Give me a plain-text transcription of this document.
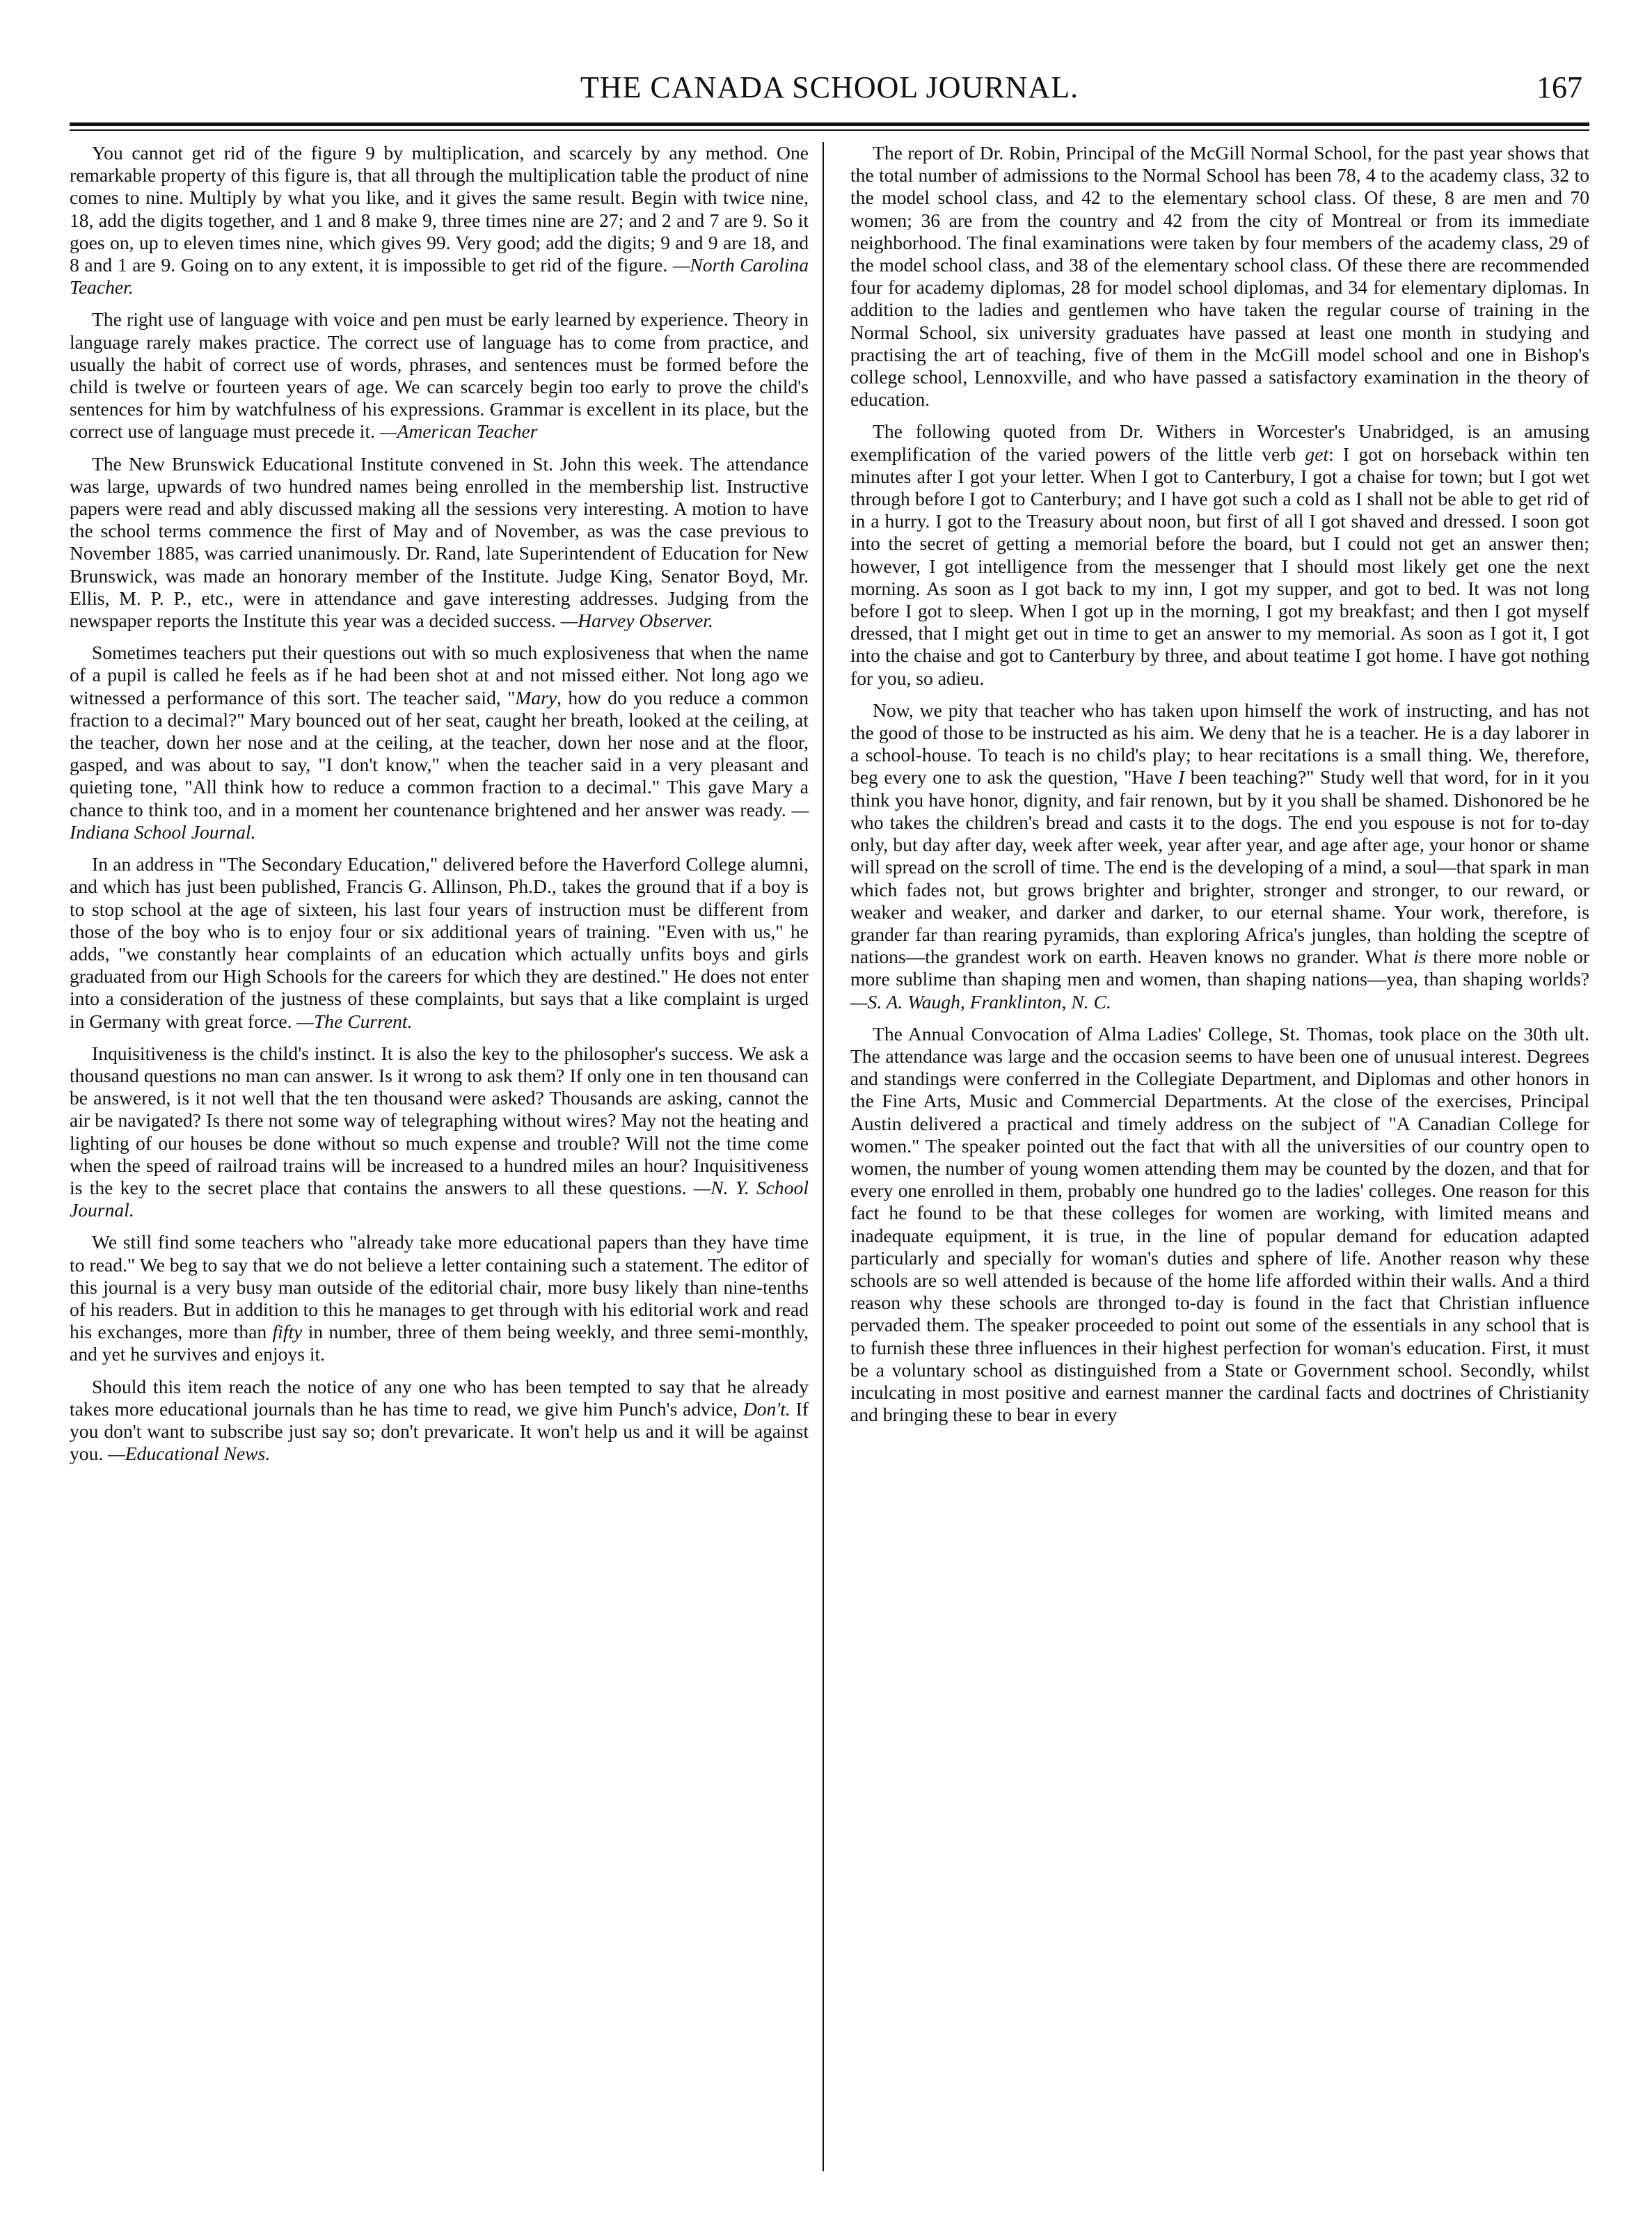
THE CANADA SCHOOL JOURNAL.	167

You cannot get rid of the figure 9 by multiplication, and scarcely by any method. One remarkable property of this figure is, that all through the multiplication table the product of nine comes to nine. Multiply by what you like, and it gives the same result. Begin with twice nine, 18, add the digits together, and 1 and 8 make 9, three times nine are 27; and 2 and 7 are 9. So it goes on, up to eleven times nine, which gives 99. Very good; add the digits; 9 and 9 are 18, and 8 and 1 are 9. Going on to any extent, it is impossible to get rid of the figure. —North Carolina Teacher.

The right use of language with voice and pen must be early learned by experience. Theory in language rarely makes practice. The correct use of language has to come from practice, and usually the habit of correct use of words, phrases, and sentences must be formed before the child is twelve or fourteen years of age. We can scarcely begin too early to prove the child's sentences for him by watchfulness of his expressions. Grammar is excellent in its place, but the correct use of language must precede it. —American Teacher

The New Brunswick Educational Institute convened in St. John this week. The attendance was large, upwards of two hundred names being enrolled in the membership list. Instructive papers were read and ably discussed making all the sessions very interesting. A motion to have the school terms commence the first of May and of November, as was the case previous to November 1885, was carried unanimously. Dr. Rand, late Superintendent of Education for New Brunswick, was made an honorary member of the Institute. Judge King, Senator Boyd, Mr. Ellis, M. P. P., etc., were in attendance and gave interesting addresses. Judging from the newspaper reports the Institute this year was a decided success. —Harvey Observer.

Sometimes teachers put their questions out with so much explosiveness that when the name of a pupil is called he feels as if he had been shot at and not missed either. Not long ago we witnessed a performance of this sort. The teacher said, "Mary, how do you reduce a common fraction to a decimal?" Mary bounced out of her seat, caught her breath, looked at the ceiling, at the teacher, down her nose and at the ceiling, at the teacher, down her nose and at the floor, gasped, and was about to say, "I don't know," when the teacher said in a very pleasant and quieting tone, "All think how to reduce a common fraction to a decimal." This gave Mary a chance to think too, and in a moment her countenance brightened and her answer was ready. —Indiana School Journal.

In an address in "The Secondary Education," delivered before the Haverford College alumni, and which has just been published, Francis G. Allinson, Ph.D., takes the ground that if a boy is to stop school at the age of sixteen, his last four years of instruction must be different from those of the boy who is to enjoy four or six additional years of training. "Even with us," he adds, "we constantly hear complaints of an education which actually unfits boys and girls graduated from our High Schools for the careers for which they are destined." He does not enter into a consideration of the justness of these complaints, but says that a like complaint is urged in Germany with great force. —The Current.

Inquisitiveness is the child's instinct. It is also the key to the philosopher's success. We ask a thousand questions no man can answer. Is it wrong to ask them? If only one in ten thousand can be answered, is it not well that the ten thousand were asked? Thousands are asking, cannot the air be navigated? Is there not some way of telegraphing without wires? May not the heating and lighting of our houses be done without so much expense and trouble? Will not the time come when the speed of railroad trains will be increased to a hundred miles an hour? Inquisitiveness is the key to the secret place that contains the answers to all these questions. —N. Y. School Journal.

We still find some teachers who "already take more educational papers than they have time to read." We beg to say that we do not believe a letter containing such a statement. The editor of this journal is a very busy man outside of the editorial chair, more busy likely than nine-tenths of his readers. But in addition to this he manages to get through with his editorial work and read his exchanges, more than fifty in number, three of them being weekly, and three semi-monthly, and yet he survives and enjoys it.

Should this item reach the notice of any one who has been tempted to say that he already takes more educational journals than he has time to read, we give him Punch's advice, Don't. If you don't want to subscribe just say so; don't prevaricate. It won't help us and it will be against you. —Educational News.

The report of Dr. Robin, Principal of the McGill Normal School, for the past year shows that the total number of admissions to the Normal School has been 78, 4 to the academy class, 32 to the model school class, and 42 to the elementary school class. Of these, 8 are men and 70 women; 36 are from the country and 42 from the city of Montreal or from its immediate neighborhood. The final examinations were taken by four members of the academy class, 29 of the model school class, and 38 of the elementary school class. Of these there are recommended four for academy diplomas, 28 for model school diplomas, and 34 for elementary diplomas. In addition to the ladies and gentlemen who have taken the regular course of training in the Normal School, six university graduates have passed at least one month in studying and practising the art of teaching, five of them in the McGill model school and one in Bishop's college school, Lennoxville, and who have passed a satisfactory examination in the theory of education.

The following quoted from Dr. Withers in Worcester's Unabridged, is an amusing exemplification of the varied powers of the little verb get: I got on horseback within ten minutes after I got your letter. When I got to Canterbury, I got a chaise for town; but I got wet through before I got to Canterbury; and I have got such a cold as I shall not be able to get rid of in a hurry. I got to the Treasury about noon, but first of all I got shaved and dressed. I soon got into the secret of getting a memorial before the board, but I could not get an answer then; however, I got intelligence from the messenger that I should most likely get one the next morning. As soon as I got back to my inn, I got my supper, and got to bed. It was not long before I got to sleep. When I got up in the morning, I got my breakfast; and then I got myself dressed, that I might get out in time to get an answer to my memorial. As soon as I got it, I got into the chaise and got to Canterbury by three, and about teatime I got home. I have got nothing for you, so adieu.

Now, we pity that teacher who has taken upon himself the work of instructing, and has not the good of those to be instructed as his aim. We deny that he is a teacher. He is a day laborer in a school-house. To teach is no child's play; to hear recitations is a small thing. We, therefore, beg every one to ask the question, "Have I been teaching?" Study well that word, for in it you think you have honor, dignity, and fair renown, but by it you shall be shamed. Dishonored be he who takes the children's bread and casts it to the dogs. The end you espouse is not for to-day only, but day after day, week after week, year after year, and age after age, your honor or shame will spread on the scroll of time. The end is the developing of a mind, a soul—that spark in man which fades not, but grows brighter and brighter, stronger and stronger, to our reward, or weaker and weaker, and darker and darker, to our eternal shame. Your work, therefore, is grander far than rearing pyramids, than exploring Africa's jungles, than holding the sceptre of nations—the grandest work on earth. Heaven knows no grander. What is there more noble or more sublime than shaping men and women, than shaping nations—yea, than shaping worlds?—S. A. Waugh, Franklinton, N. C.

The Annual Convocation of Alma Ladies' College, St. Thomas, took place on the 30th ult. The attendance was large and the occasion seems to have been one of unusual interest. Degrees and standings were conferred in the Collegiate Department, and Diplomas and other honors in the Fine Arts, Music and Commercial Departments. At the close of the exercises, Principal Austin delivered a practical and timely address on the subject of "A Canadian College for women." The speaker pointed out the fact that with all the universities of our country open to women, the number of young women attending them may be counted by the dozen, and that for every one enrolled in them, probably one hundred go to the ladies' colleges. One reason for this fact he found to be that these colleges for women are working, with limited means and inadequate equipment, it is true, in the line of popular demand for education adapted particularly and specially for woman's duties and sphere of life. Another reason why these schools are so well attended is because of the home life afforded within their walls. And a third reason why these schools are thronged to-day is found in the fact that Christian influence pervaded them. The speaker proceeded to point out some of the essentials in any school that is to furnish these three influences in their highest perfection for woman's education. First, it must be a voluntary school as distinguished from a State or Government school. Secondly, whilst inculcating in most positive and earnest manner the cardinal facts and doctrines of Christianity and bringing these to bear in every
